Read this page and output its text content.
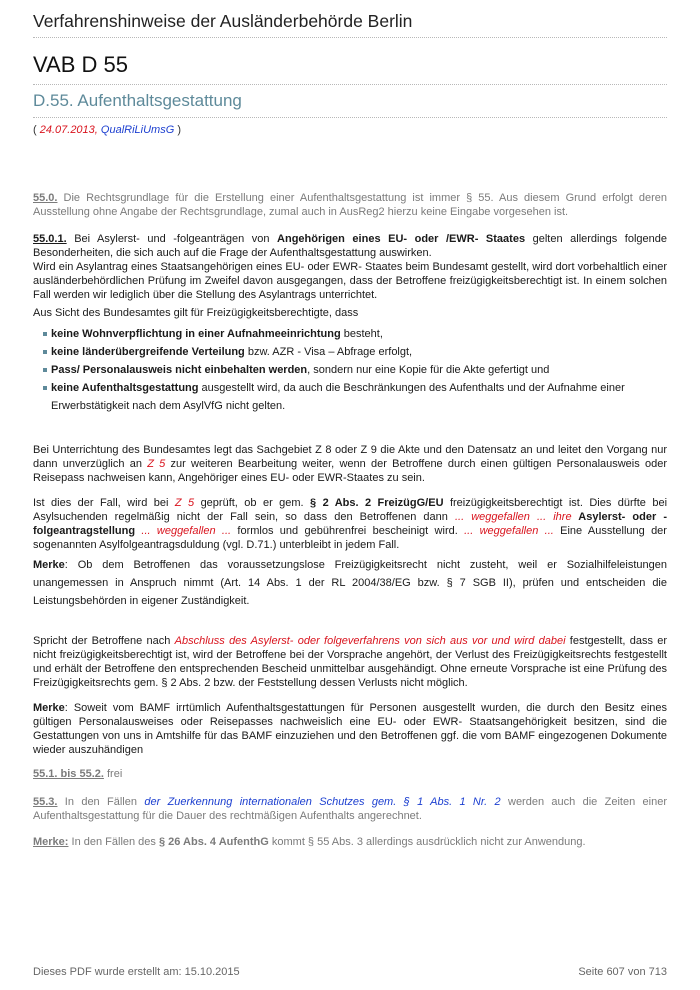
Verfahrenshinweise der Ausländerbehörde Berlin
VAB D 55
D.55. Aufenthaltsgestattung
( 24.07.2013, QualRiLiUmsG )
55.0. Die Rechtsgrundlage für die Erstellung einer Aufenthaltsgestattung ist immer § 55. Aus diesem Grund erfolgt deren Ausstellung ohne Angabe der Rechtsgrundlage, zumal auch in AusReg2 hierzu keine Eingabe vorgesehen ist.
55.0.1. Bei Asylerst- und -folgeanträgen von Angehörigen eines EU- oder /EWR- Staates gelten allerdings folgende Besonderheiten, die sich auch auf die Frage der Aufenthaltsgestattung auswirken.
Wird ein Asylantrag eines Staatsangehörigen eines EU- oder EWR- Staates beim Bundesamt gestellt, wird dort vorbehaltlich einer ausländerbehördlichen Prüfung im Zweifel davon ausgegangen, dass der Betroffene freizügigkeitsberechtigt ist. In einem solchen Fall werden wir lediglich über die Stellung des Asylantrags unterrichtet.
Aus Sicht des Bundesamtes gilt für Freizügigkeitsberechtigte, dass
keine Wohnverpflichtung in einer Aufnahmeeinrichtung besteht,
keine länderübergreifende Verteilung bzw. AZR - Visa – Abfrage erfolgt,
Pass/ Personalausweis nicht einbehalten werden, sondern nur eine Kopie für die Akte gefertigt und
keine Aufenthaltsgestattung ausgestellt wird, da auch die Beschränkungen des Aufenthalts und der Aufnahme einer
Erwerbstätigkeit nach dem AsylVfG nicht gelten.
Bei Unterrichtung des Bundesamtes legt das Sachgebiet Z 8 oder Z 9 die Akte und den Datensatz an und leitet den Vorgang nur dann unverzüglich an Z 5 zur weiteren Bearbeitung weiter, wenn der Betroffene durch einen gültigen Personalausweis oder Reisepass nachweisen kann, Angehöriger eines EU- oder EWR-Staates zu sein.
Ist dies der Fall, wird bei Z 5 geprüft, ob er gem. § 2 Abs. 2 FreizügG/EU freizügigkeitsberechtigt ist. Dies dürfte bei Asylsuchenden regelmäßig nicht der Fall sein, so dass den Betroffenen dann ... weggefallen ... ihre Asylerst- oder -folgeantragstellung ... weggefallen ... formlos und gebührenfrei bescheinigt wird. ... weggefallen ... Eine Ausstellung der sogenannten Asylfolgeantragsduldung (vgl. D.71.) unterbleibt in jedem Fall.
Merke: Ob dem Betroffenen das voraussetzungslose Freizügigkeitsrecht nicht zusteht, weil er Sozialhilfeleistungen unangemessen in Anspruch nimmt (Art. 14 Abs. 1 der RL 2004/38/EG bzw. § 7 SGB II), prüfen und entscheiden die Leistungsbehörden in eigener Zuständigkeit.
Spricht der Betroffene nach Abschluss des Asylerst- oder folgeverfahrens von sich aus vor und wird dabei festgestellt, dass er nicht freizügigkeitsberechtigt ist, wird der Betroffene bei der Vorsprache angehört, der Verlust des Freizügigkeitsrechts festgestellt und erhält der Betroffene den entsprechenden Bescheid unmittelbar ausgehändigt. Ohne erneute Vorsprache ist eine Prüfung des Freizügigkeitsrechts gem. § 2 Abs. 2 bzw. der Feststellung dessen Verlusts nicht möglich.
Merke: Soweit vom BAMF irrtümlich Aufenthaltsgestattungen für Personen ausgestellt wurden, die durch den Besitz eines gültigen Personalausweises oder Reisepasses nachweislich eine EU- oder EWR- Staatsangehörigkeit besitzen, sind die Gestattungen von uns in Amtshilfe für das BAMF einzuziehen und den Betroffenen ggf. die vom BAMF eingezogenen Dokumente wieder auszuhändigen
55.1. bis 55.2. frei
55.3. In den Fällen der Zuerkennung internationalen Schutzes gem. § 1 Abs. 1 Nr. 2 werden auch die Zeiten einer Aufenthaltsgestattung für die Dauer des rechtmäßigen Aufenthalts angerechnet.
Merke: In den Fällen des § 26 Abs. 4 AufenthG kommt § 55 Abs. 3 allerdings ausdrücklich nicht zur Anwendung.
Dieses PDF wurde erstellt am: 15.10.2015	Seite 607 von 713
